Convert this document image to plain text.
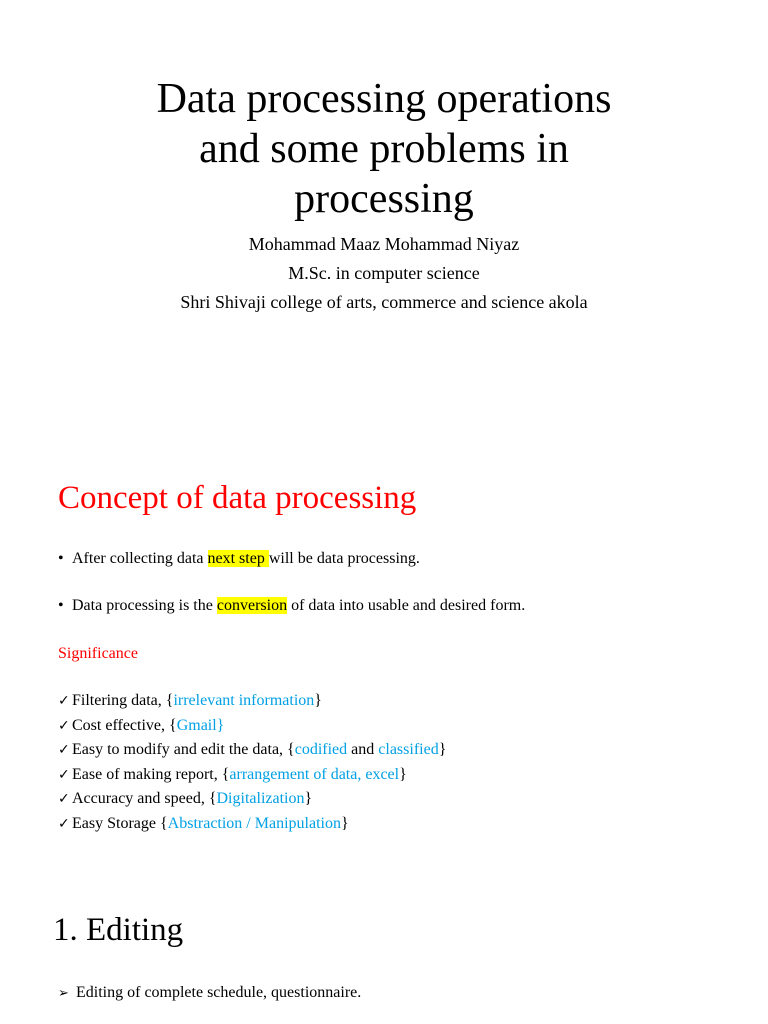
Data processing operations
and some problems in
processing

Mohammad Maaz Mohammad Niyaz

M.Sc. in computer science

Shri Shivaji college of arts, commerce and science akola

Concept of data processing

• After collecting data next step will be data processing.

• Data processing is the conversion of data into usable and desired form.

Significance

✓ Filtering data, {irrelevant information}
✓ Cost effective, {Gmail}
✓ Easy to modify and edit the data, {codified and classified}
✓ Ease of making report, {arrangement of data, excel}
✓ Accuracy and speed, {Digitalization}
✓ Easy Storage {Abstraction / Manipulation}
1. Editing

➢ Editing of complete schedule, questionnaire.
